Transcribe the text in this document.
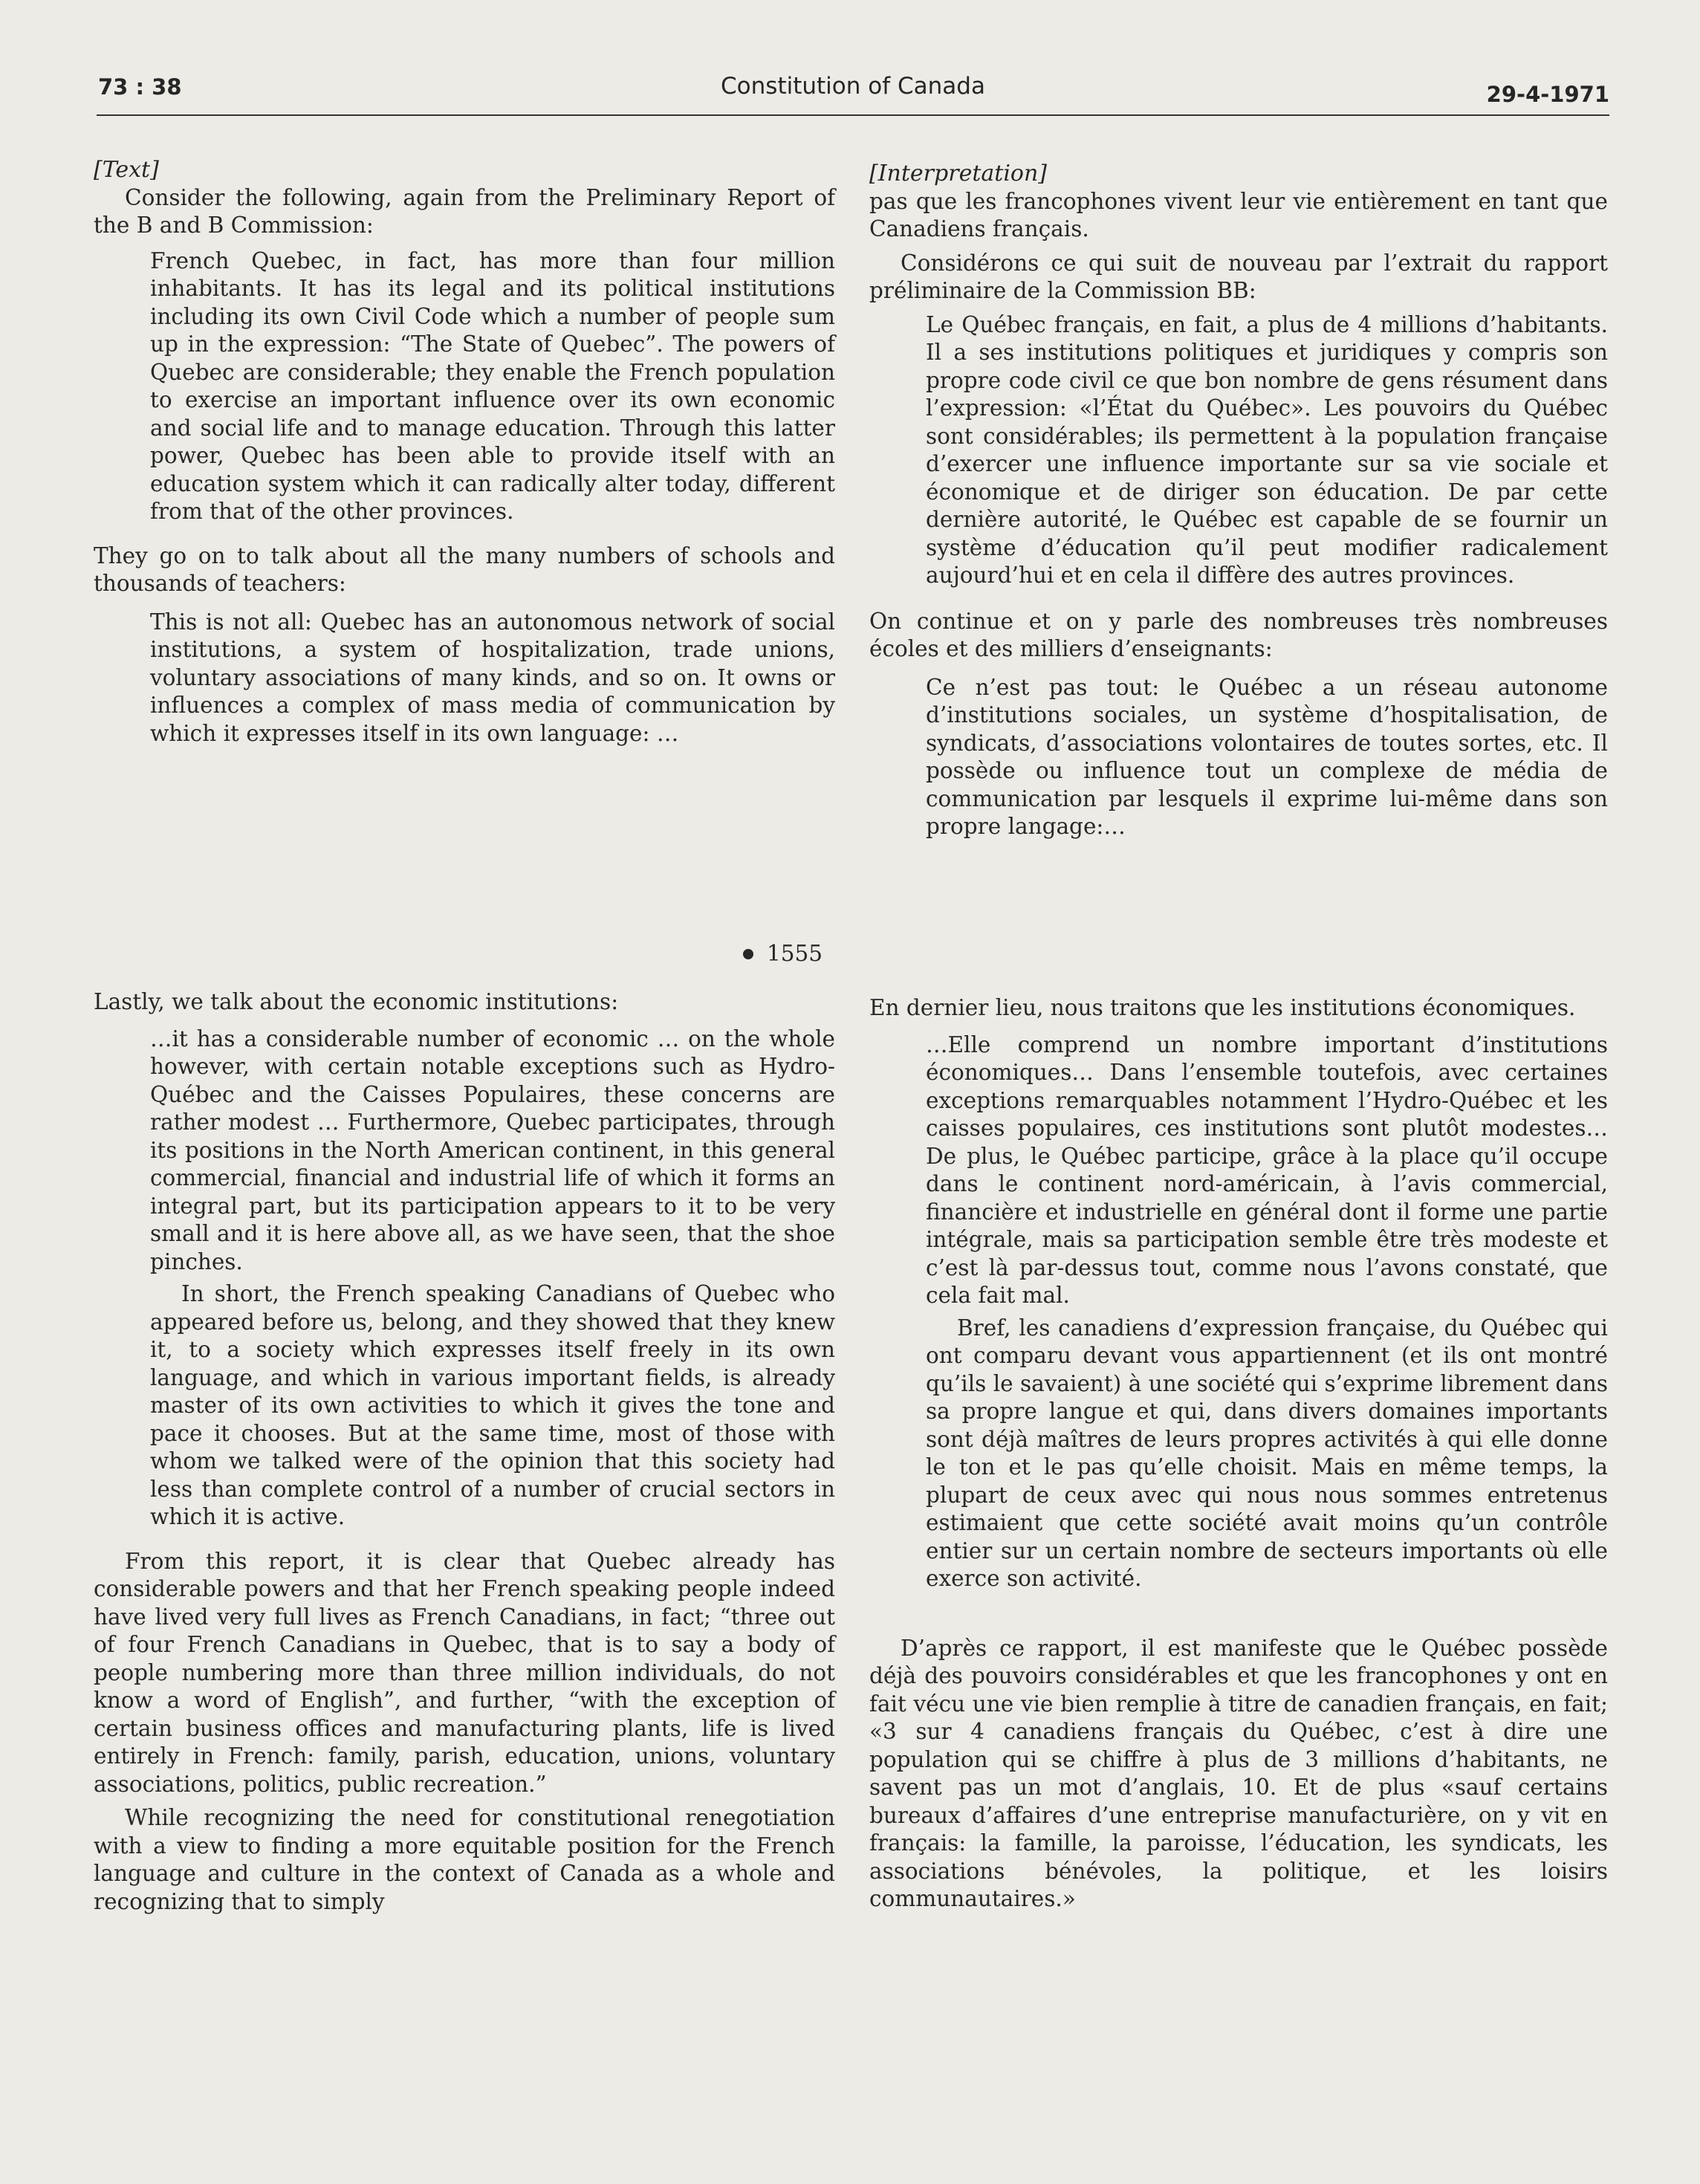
73 : 38	Constitution of Canada	29-4-1971

[Text]

Consider the following, again from the Preliminary Report of the B and B Commission:

French Quebec, in fact, has more than four million inhabitants. It has its legal and its political institutions including its own Civil Code which a number of people sum up in the expression: “The State of Quebec”. The powers of Quebec are considerable; they enable the French population to exercise an important influence over its own economic and social life and to manage education. Through this latter power, Quebec has been able to provide itself with an education system which it can radically alter today, different from that of the other provinces.

They go on to talk about all the many numbers of schools and thousands of teachers:

This is not all: Quebec has an autonomous network of social institutions, a system of hospitalization, trade unions, voluntary associations of many kinds, and so on. It owns or influences a complex of mass media of communication by which it expresses itself in its own language: …

1555

Lastly, we talk about the economic institutions:

…it has a considerable number of economic … on the whole however, with certain notable exceptions such as Hydro-Québec and the Caisses Populaires, these concerns are rather modest … Furthermore, Quebec participates, through its positions in the North American continent, in this general commercial, financial and industrial life of which it forms an integral part, but its participation appears to it to be very small and it is here above all, as we have seen, that the shoe pinches.

In short, the French speaking Canadians of Quebec who appeared before us, belong, and they showed that they knew it, to a society which expresses itself freely in its own language, and which in various important fields, is already master of its own activities to which it gives the tone and pace it chooses. But at the same time, most of those with whom we talked were of the opinion that this society had less than complete control of a number of crucial sectors in which it is active.

From this report, it is clear that Quebec already has considerable powers and that her French speaking people indeed have lived very full lives as French Canadians, in fact; “three out of four French Canadians in Quebec, that is to say a body of people numbering more than three million individuals, do not know a word of English”, and further, “with the exception of certain business offices and manufacturing plants, life is lived entirely in French: family, parish, education, unions, voluntary associations, politics, public recreation.”

While recognizing the need for constitutional renegotiation with a view to finding a more equitable position for the French language and culture in the context of Canada as a whole and recognizing that to simply

[Interpretation]

pas que les francophones vivent leur vie entièrement en tant que Canadiens français.

Considérons ce qui suit de nouveau par l’extrait du rapport préliminaire de la Commission BB:

Le Québec français, en fait, a plus de 4 millions d’habitants. Il a ses institutions politiques et juridiques y compris son propre code civil ce que bon nombre de gens résument dans l’expression: «l’État du Québec». Les pouvoirs du Québec sont considérables; ils permettent à la population française d’exercer une influence importante sur sa vie sociale et économique et de diriger son éducation. De par cette dernière autorité, le Québec est capable de se fournir un système d’éducation qu’il peut modifier radicalement aujourd’hui et en cela il diffère des autres provinces.

On continue et on y parle des nombreuses très nombreuses écoles et des milliers d’enseignants:

Ce n’est pas tout: le Québec a un réseau autonome d’institutions sociales, un système d’hospitalisation, de syndicats, d’associations volontaires de toutes sortes, etc. Il possède ou influence tout un complexe de média de communication par lesquels il exprime lui-même dans son propre langage:…

En dernier lieu, nous traitons que les institutions économiques.

…Elle comprend un nombre important d’institutions économiques… Dans l’ensemble toutefois, avec certaines exceptions remarquables notamment l’Hydro-Québec et les caisses populaires, ces institutions sont plutôt modestes… De plus, le Québec participe, grâce à la place qu’il occupe dans le continent nord-américain, à l’avis commercial, financière et industrielle en général dont il forme une partie intégrale, mais sa participation semble être très modeste et c’est là par-dessus tout, comme nous l’avons constaté, que cela fait mal.

Bref, les canadiens d’expression française, du Québec qui ont comparu devant vous appartiennent (et ils ont montré qu’ils le savaient) à une société qui s’exprime librement dans sa propre langue et qui, dans divers domaines importants sont déjà maîtres de leurs propres activités à qui elle donne le ton et le pas qu’elle choisit. Mais en même temps, la plupart de ceux avec qui nous nous sommes entretenus estimaient que cette société avait moins qu’un contrôle entier sur un certain nombre de secteurs importants où elle exerce son activité.

D’après ce rapport, il est manifeste que le Québec possède déjà des pouvoirs considérables et que les francophones y ont en fait vécu une vie bien remplie à titre de canadien français, en fait; «3 sur 4 canadiens français du Québec, c’est à dire une population qui se chiffre à plus de 3 millions d’habitants, ne savent pas un mot d’anglais, 10. Et de plus «sauf certains bureaux d’affaires d’une entreprise manufacturière, on y vit en français: la famille, la paroisse, l’éducation, les syndicats, les associations bénévoles, la politique, et les loisirs communautaires.»
